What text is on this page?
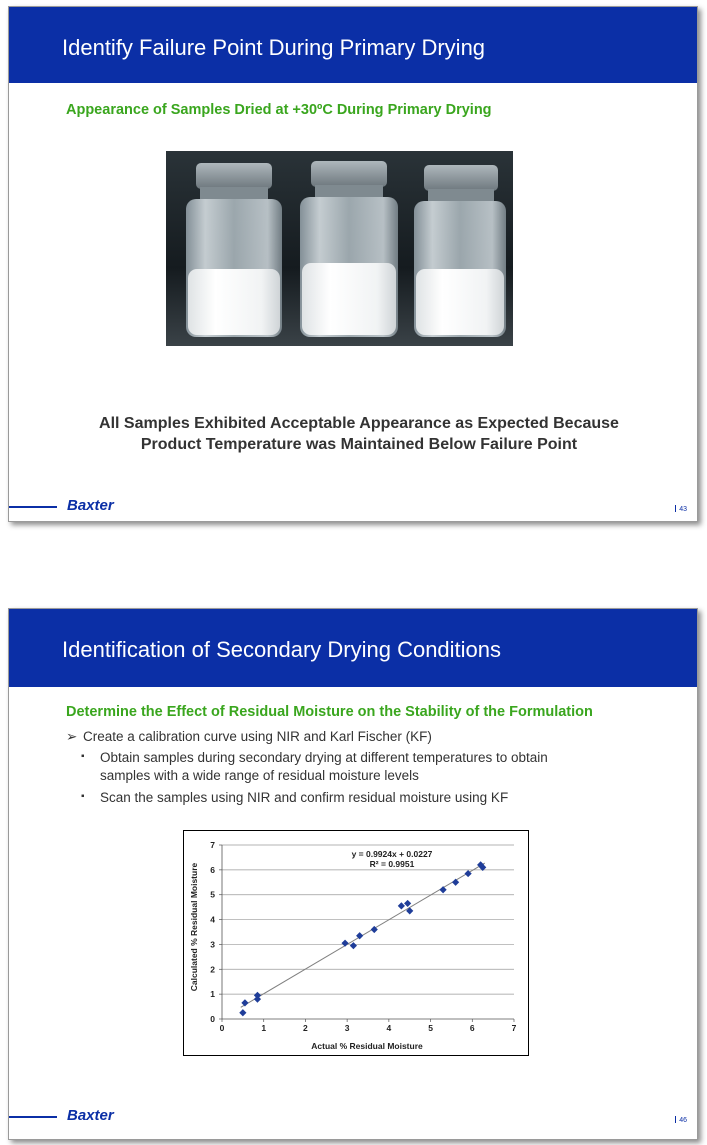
Identify Failure Point During Primary Drying
Appearance of Samples Dried at +30ºC During Primary Drying
All Samples Exhibited Acceptable Appearance as Expected Because
Product Temperature was Maintained Below Failure Point
Baxter	43
Identification of Secondary Drying Conditions
Determine the Effect of Residual Moisture on the Stability of the Formulation
➢ Create a calibration curve using NIR and Karl Fischer (KF)
▪	Obtain samples during secondary drying at different temperatures to obtain
samples with a wide range of residual moisture levels
▪	Scan the samples using NIR and confirm residual moisture using KF
0
1
2
3
4
5
6
7
0	1	2	3	4	5	6	7
y = 0.9924x + 0.0227
R² = 0.9951
Actual % Residual Moisture
Calculated % Residual Moisture
Baxter	46
